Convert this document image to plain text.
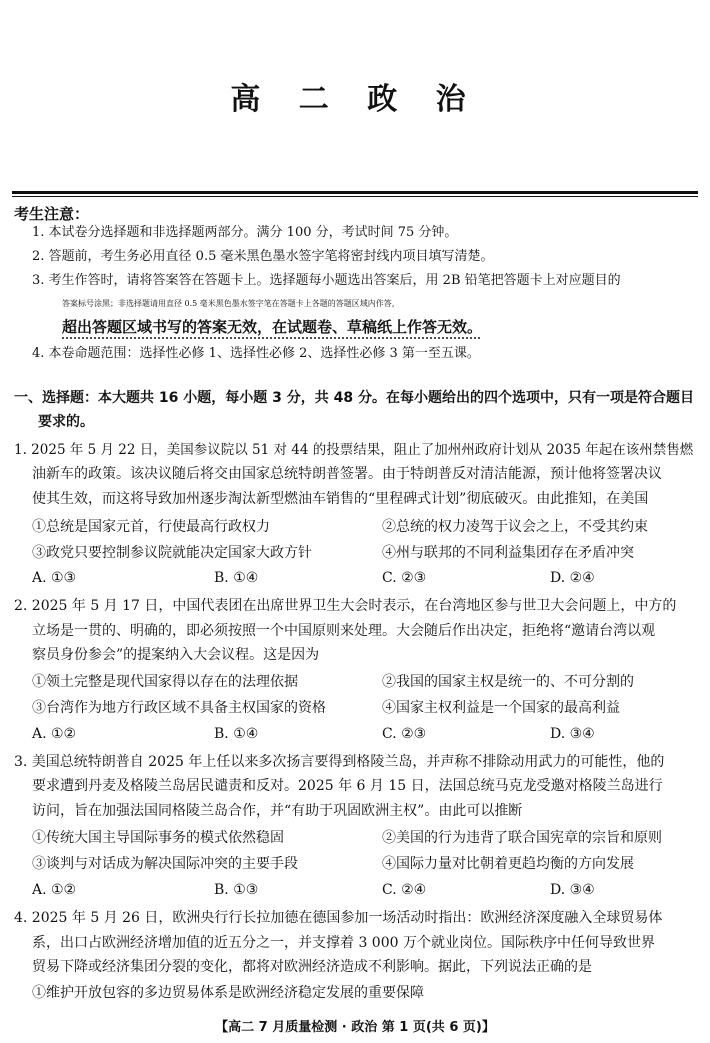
高 二 政 治
考生注意：
1. 本试卷分选择题和非选择题两部分。满分 100 分，考试时间 75 分钟。
2. 答题前，考生务必用直径 0.5 毫米黑色墨水签字笔将密封线内项目填写清楚。
3. 考生作答时，请将答案答在答题卡上。选择题每小题选出答案后，用 2B 铅笔把答题卡上对应题目的
答案标号涂黑；非选择题请用直径 0.5 毫米黑色墨水签字笔在答题卡上各题的答题区域内作答，
超出答题区域书写的答案无效，在试题卷、草稿纸上作答无效。
4. 本卷命题范围：选择性必修 1、选择性必修 2、选择性必修 3 第一至五课。
一、选择题：本大题共 16 小题，每小题 3 分，共 48 分。在每小题给出的四个选项中，只有一项是符合题目
要求的。
1. 2025 年 5 月 22 日，美国参议院以 51 对 44 的投票结果，阻止了加州州政府计划从 2035 年起在该州禁售燃
油新车的政策。该决议随后将交由国家总统特朗普签署。由于特朗普反对清洁能源，预计他将签署决议
使其生效，而这将导致加州逐步淘汰新型燃油车销售的“里程碑式计划”彻底破灭。由此推知，在美国
①总统是国家元首，行使最高行政权力	②总统的权力凌驾于议会之上，不受其约束
③政党只要控制参议院就能决定国家大政方针	④州与联邦的不同利益集团存在矛盾冲突
A. ①③	B. ①④	C. ②③	D. ②④
2. 2025 年 5 月 17 日，中国代表团在出席世界卫生大会时表示，在台湾地区参与世卫大会问题上，中方的
立场是一贯的、明确的，即必须按照一个中国原则来处理。大会随后作出决定，拒绝将“邀请台湾以观
察员身份参会”的提案纳入大会议程。这是因为
①领土完整是现代国家得以存在的法理依据	②我国的国家主权是统一的、不可分割的
③台湾作为地方行政区域不具备主权国家的资格	④国家主权利益是一个国家的最高利益
A. ①②	B. ①④	C. ②③	D. ③④
3. 美国总统特朗普自 2025 年上任以来多次扬言要得到格陵兰岛，并声称不排除动用武力的可能性，他的
要求遭到丹麦及格陵兰岛居民谴责和反对。2025 年 6 月 15 日，法国总统马克龙受邀对格陵兰岛进行
访问，旨在加强法国同格陵兰岛合作，并“有助于巩固欧洲主权”。由此可以推断
①传统大国主导国际事务的模式依然稳固	②美国的行为违背了联合国宪章的宗旨和原则
③谈判与对话成为解决国际冲突的主要手段	④国际力量对比朝着更趋均衡的方向发展
A. ①②	B. ①③	C. ②④	D. ③④
4. 2025 年 5 月 26 日，欧洲央行行长拉加德在德国参加一场活动时指出：欧洲经济深度融入全球贸易体
系，出口占欧洲经济增加值的近五分之一，并支撑着 3 000 万个就业岗位。国际秩序中任何导致世界
贸易下降或经济集团分裂的变化，都将对欧洲经济造成不利影响。据此，下列说法正确的是
①维护开放包容的多边贸易体系是欧洲经济稳定发展的重要保障
【高二 7 月质量检测 · 政治 第 1 页(共 6 页)】
